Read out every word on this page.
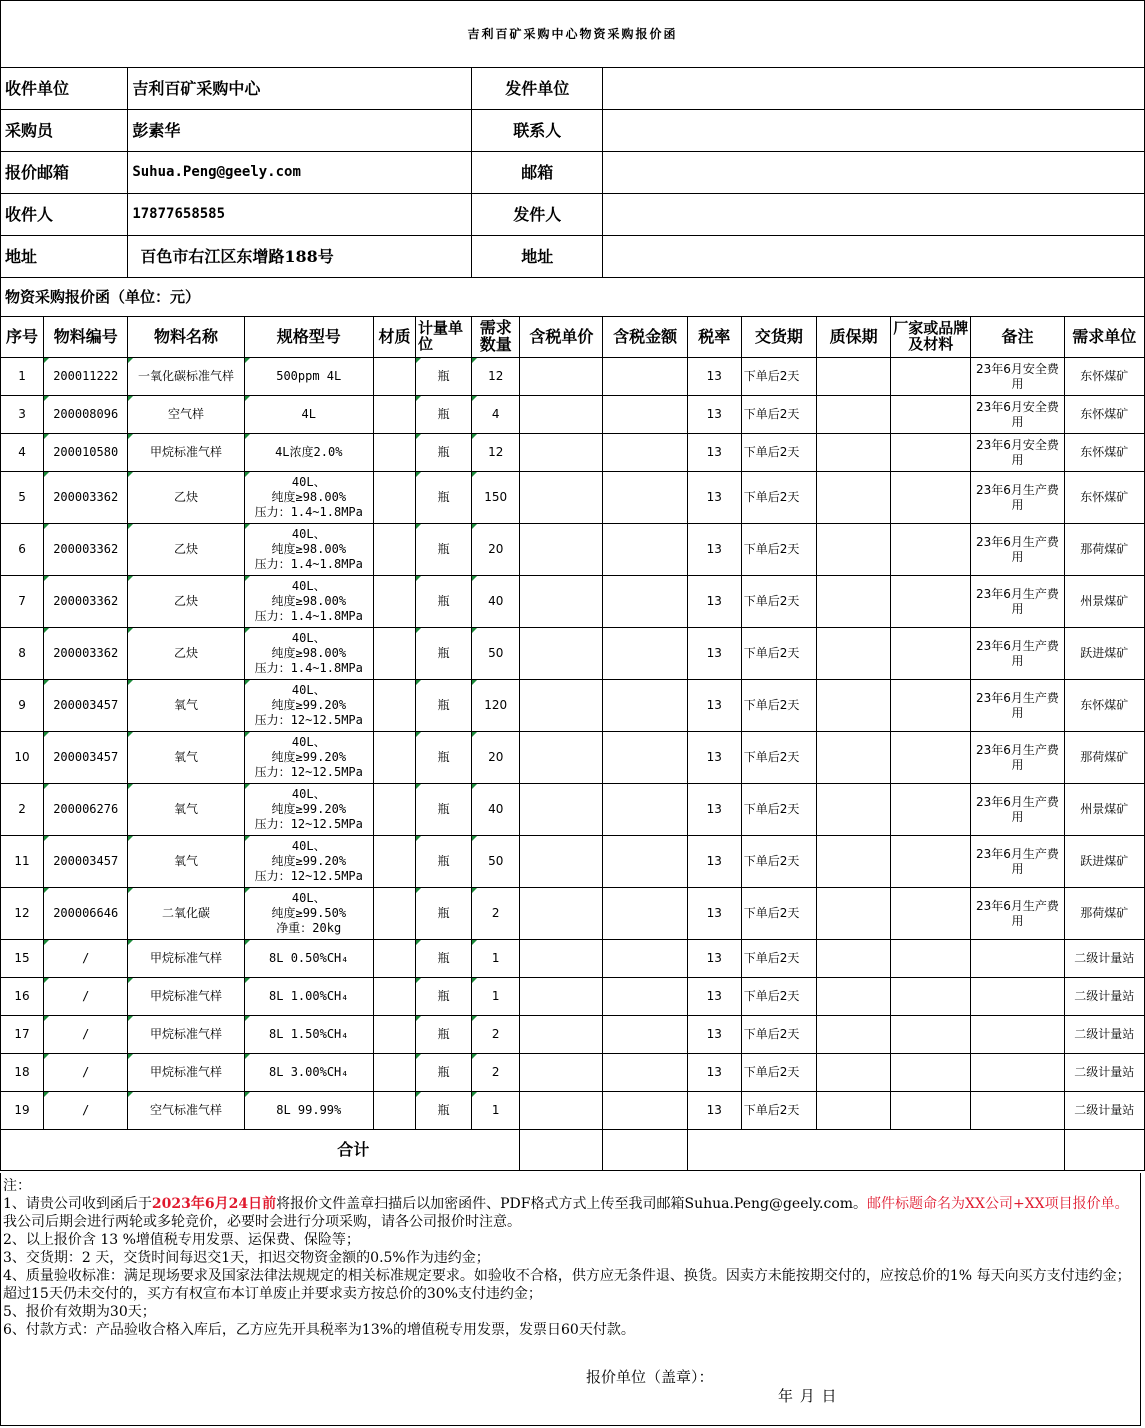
吉利百矿采购中心物资采购报价函														
收件单位		吉利百矿采购中心				发件单位								
采购员		彭素华				联系人								
报价邮箱		Suhua.Peng@geely.com				邮箱								
收件人		17877658585				发件人								
地址		百色市右江区东增路188号				地址								
物资采购报价函（单位：元）														
序号	物料编号	物料名称	规格型号	材质	计量单位	需求数量	含税单价	含税金额	税率	交货期	质保期	厂家或品牌及材料	备注	需求单位
1	200011222	一氧化碳标准气样	500ppm 4L		瓶	12			13	下单后2天			23年6月安全费用	东怀煤矿
3	200008096	空气样	4L		瓶	4			13	下单后2天			23年6月安全费用	东怀煤矿
4	200010580	甲烷标准气样	4L浓度2.0%		瓶	12			13	下单后2天			23年6月安全费用	东怀煤矿
5	200003362	乙炔	40L、
纯度≥98.00%
压力：1.4~1.8MPa		瓶	150			13	下单后2天			23年6月生产费用	东怀煤矿
6	200003362	乙炔	40L、
纯度≥98.00%
压力：1.4~1.8MPa		瓶	20			13	下单后2天			23年6月生产费用	那荷煤矿
7	200003362	乙炔	40L、
纯度≥98.00%
压力：1.4~1.8MPa		瓶	40			13	下单后2天			23年6月生产费用	州景煤矿
8	200003362	乙炔	40L、
纯度≥98.00%
压力：1.4~1.8MPa		瓶	50			13	下单后2天			23年6月生产费用	跃进煤矿
9	200003457	氧气	40L、
纯度≥99.20%
压力：12~12.5MPa		瓶	120			13	下单后2天			23年6月生产费用	东怀煤矿
10	200003457	氧气	40L、
纯度≥99.20%
压力：12~12.5MPa		瓶	20			13	下单后2天			23年6月生产费用	那荷煤矿
2	200006276	氧气	40L、
纯度≥99.20%
压力：12~12.5MPa		瓶	40			13	下单后2天			23年6月生产费用	州景煤矿
11	200003457	氧气	40L、
纯度≥99.20%
压力：12~12.5MPa		瓶	50			13	下单后2天			23年6月生产费用	跃进煤矿
12	200006646	二氧化碳	40L、
纯度≥99.50%
净重：20kg		瓶	2			13	下单后2天			23年6月生产费用	那荷煤矿
15	/	甲烷标准气样	8L 0.50%CH₄		瓶	1			13	下单后2天				二级计量站
16	/	甲烷标准气样	8L 1.00%CH₄		瓶	1			13	下单后2天				二级计量站
17	/	甲烷标准气样	8L 1.50%CH₄		瓶	2			13	下单后2天				二级计量站
18	/	甲烷标准气样	8L 3.00%CH₄		瓶	2			13	下单后2天				二级计量站
19	/	空气标准气样	8L 99.99%		瓶	1			13	下单后2天				二级计量站
合计														

注：

1、请贵公司收到函后于2023年6月24日前将报价文件盖章扫描后以加密函件、PDF格式方式上传至我司邮箱Suhua.Peng@geely.com。邮件标题命名为XX公司+XX项目报价单。我公司后期会进行两轮或多轮竞价，必要时会进行分项采购，请各公司报价时注意。

2、以上报价含 13 %增值税专用发票、运保费、保险等；

3、交货期：2 天，交货时间每迟交1天，扣迟交物资金额的0.5%作为违约金；

4、质量验收标准：满足现场要求及国家法律法规规定的相关标准规定要求。如验收不合格，供方应无条件退、换货。因卖方未能按期交付的，应按总价的1% 每天向买方支付违约金；超过15天仍未交付的，买方有权宣布本订单废止并要求卖方按总价的30%支付违约金；

5、报价有效期为30天；

6、付款方式：产品验收合格入库后，乙方应先开具税率为13%的增值税专用发票，发票日60天付款。

报价单位（盖章）：
年 月 日
